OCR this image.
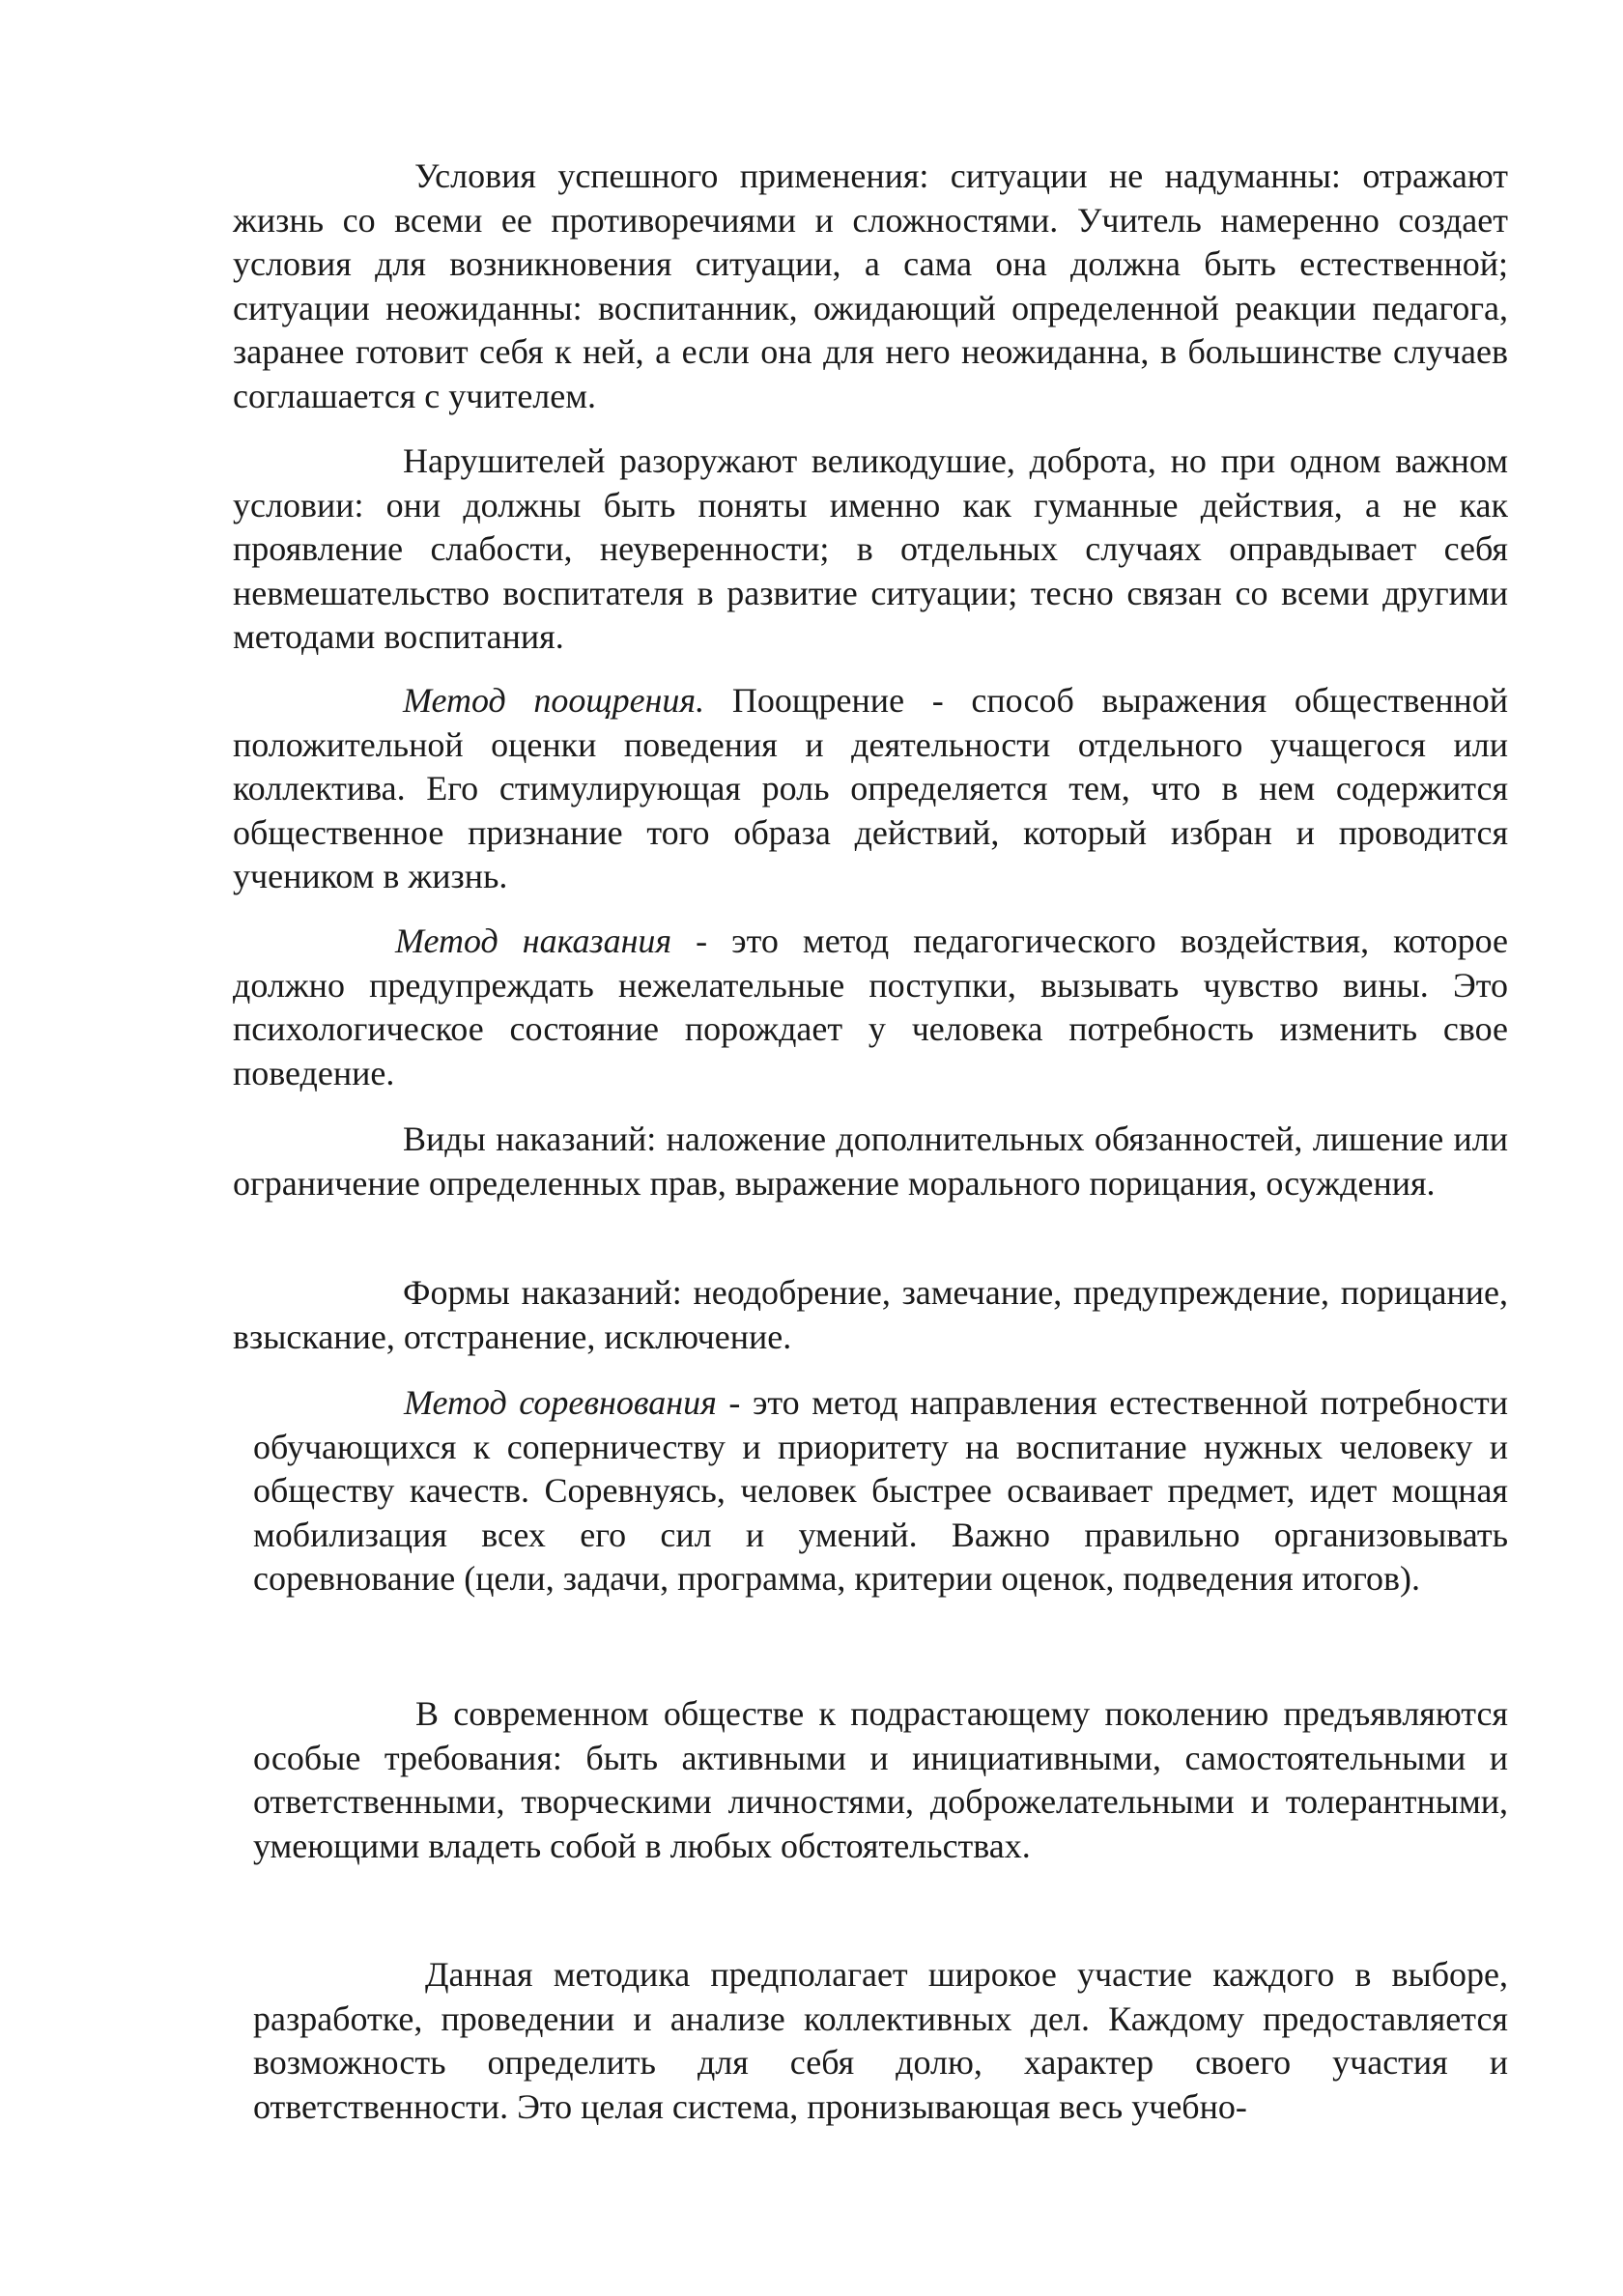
Условия успешного применения: ситуации не надуманны: отражают жизнь со всеми ее противоречиями и сложностями. Учитель намеренно создает условия для возникновения ситуации, а сама она должна быть естественной; ситуации неожиданны: воспитанник, ожидающий определенной реакции педагога, заранее готовит себя к ней, а если она для него неожиданна, в большинстве случаев соглашается с учителем.

Нарушителей разоружают великодушие, доброта, но при одном важном условии: они должны быть поняты именно как гуманные действия, а не как проявление слабости, неуверенности; в отдельных случаях оправдывает себя невмешательство воспитателя в развитие ситуации; тесно связан со всеми другими методами воспитания.

Метод поощрения. Поощрение - способ выражения общественной положительной оценки поведения и деятельности отдельного учащегося или коллектива. Его стимулирующая роль определяется тем, что в нем содержится общественное признание того образа действий, который избран и проводится учеником в жизнь.

Метод наказания - это метод педагогического воздействия, которое должно предупреждать нежелательные поступки, вызывать чувство вины. Это психологическое состояние порождает у человека потребность изменить свое поведение.

Виды наказаний: наложение дополнительных обязанностей, лишение или ограничение определенных прав, выражение морального порицания, осуждения.

Формы наказаний: неодобрение, замечание, предупреждение, порицание, взыскание, отстранение, исключение.

Метод соревнования - это метод направления естественной потребности обучающихся к соперничеству и приоритету на воспитание нужных человеку и обществу качеств. Соревнуясь, человек быстрее осваивает предмет, идет мощная мобилизация всех его сил и умений. Важно правильно организовывать соревнование (цели, задачи, программа, критерии оценок, подведения итогов).

В современном обществе к подрастающему поколению предъявляются особые требования: быть активными и инициативными, самостоятельными и ответственными, творческими личностями, доброжелательными и толерантными, умеющими владеть собой в любых обстоятельствах.

Данная методика предполагает широкое участие каждого в выборе, разработке, проведении и анализе коллективных дел. Каждому предоставляется возможность определить для себя долю, характер своего участия и ответственности. Это целая система, пронизывающая весь учебно-
